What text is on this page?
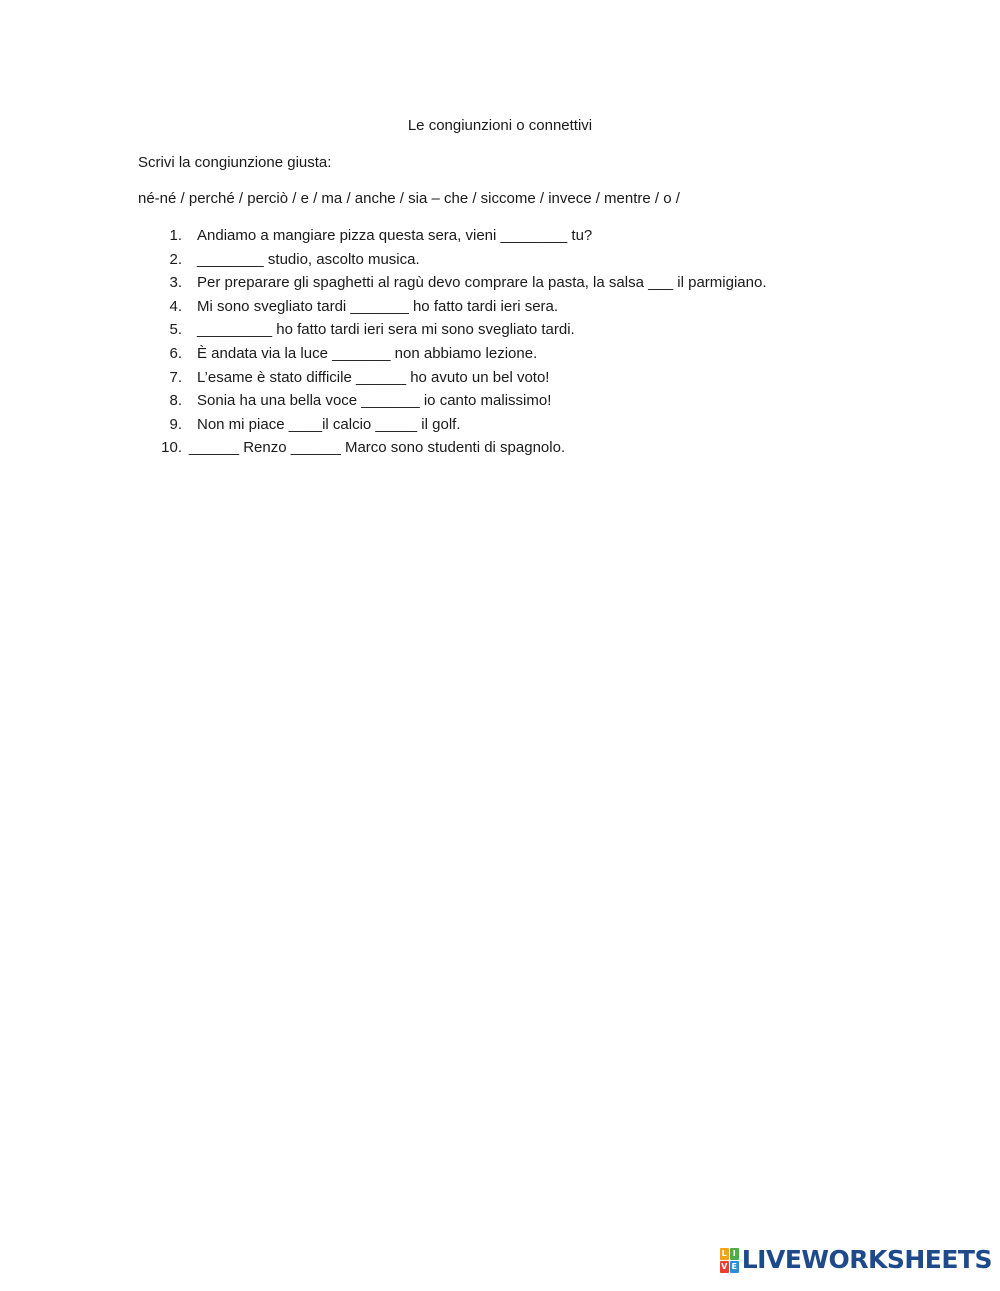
Le congiunzioni o connettivi
Scrivi la congiunzione giusta:
né-né / perché / perciò / e / ma / anche / sia – che / siccome / invece / mentre / o /
1. Andiamo a mangiare pizza questa sera, vieni ________ tu?
2. ________ studio, ascolto musica.
3. Per preparare gli spaghetti al ragù devo comprare la pasta, la salsa ___ il parmigiano.
4. Mi sono svegliato tardi _______ ho fatto tardi ieri sera.
5. _________ ho fatto tardi ieri sera mi sono svegliato tardi.
6. È andata via la luce _______ non abbiamo lezione.
7. L’esame è stato difficile ______ ho avuto un bel voto!
8. Sonia ha una bella voce _______ io canto malissimo!
9. Non mi piace ____il calcio _____ il golf.
10. ______ Renzo ______ Marco sono studenti di spagnolo.
L I
V E LIVEWORKSHEETS
